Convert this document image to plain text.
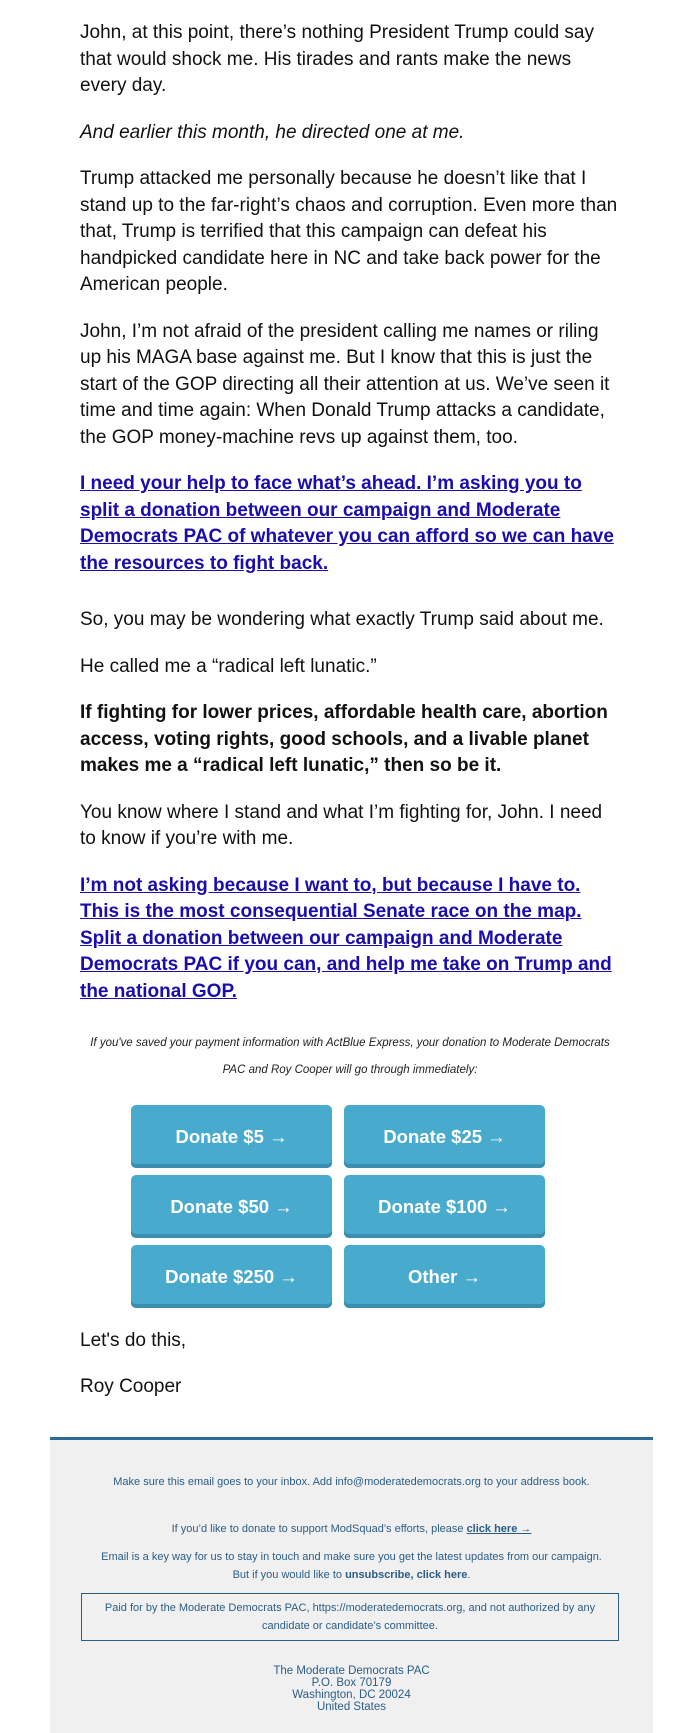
John, at this point, there’s nothing President Trump could say that would shock me. His tirades and rants make the news every day.

And earlier this month, he directed one at me.

Trump attacked me personally because he doesn’t like that I stand up to the far-right’s chaos and corruption. Even more than that, Trump is terrified that this campaign can defeat his handpicked candidate here in NC and take back power for the American people.

John, I’m not afraid of the president calling me names or riling up his MAGA base against me. But I know that this is just the start of the GOP directing all their attention at us. We’ve seen it time and time again: When Donald Trump attacks a candidate, the GOP money-machine revs up against them, too.

I need your help to face what’s ahead. I’m asking you to split a donation between our campaign and Moderate Democrats PAC of whatever you can afford so we can have the resources to fight back.

So, you may be wondering what exactly Trump said about me.

He called me a “radical left lunatic.”

If fighting for lower prices, affordable health care, abortion access, voting rights, good schools, and a livable planet makes me a “radical left lunatic,” then so be it.

You know where I stand and what I’m fighting for, John. I need to know if you’re with me.

I’m not asking because I want to, but because I have to. This is the most consequential Senate race on the map. Split a donation between our campaign and Moderate Democrats PAC if you can, and help me take on Trump and the national GOP.

If you've saved your payment information with ActBlue Express, your donation to Moderate Democrats PAC and Roy Cooper will go through immediately:
Donate $5 →	Donate $25 →
Donate $50 →	Donate $100 →
Donate $250 →	Other →

Let's do this,

Roy Cooper

Make sure this email goes to your inbox. Add info@moderatedemocrats.org to your address book.

If you’d like to donate to support ModSquad’s efforts, please click here →

Email is a key way for us to stay in touch and make sure you get the latest updates from our campaign. But if you would like to unsubscribe, click here.

Paid for by the Moderate Democrats PAC, https://moderatedemocrats.org, and not authorized by any candidate or candidate’s committee.
The Moderate Democrats PAC
P.O. Box 70179
Washington, DC 20024
United States
